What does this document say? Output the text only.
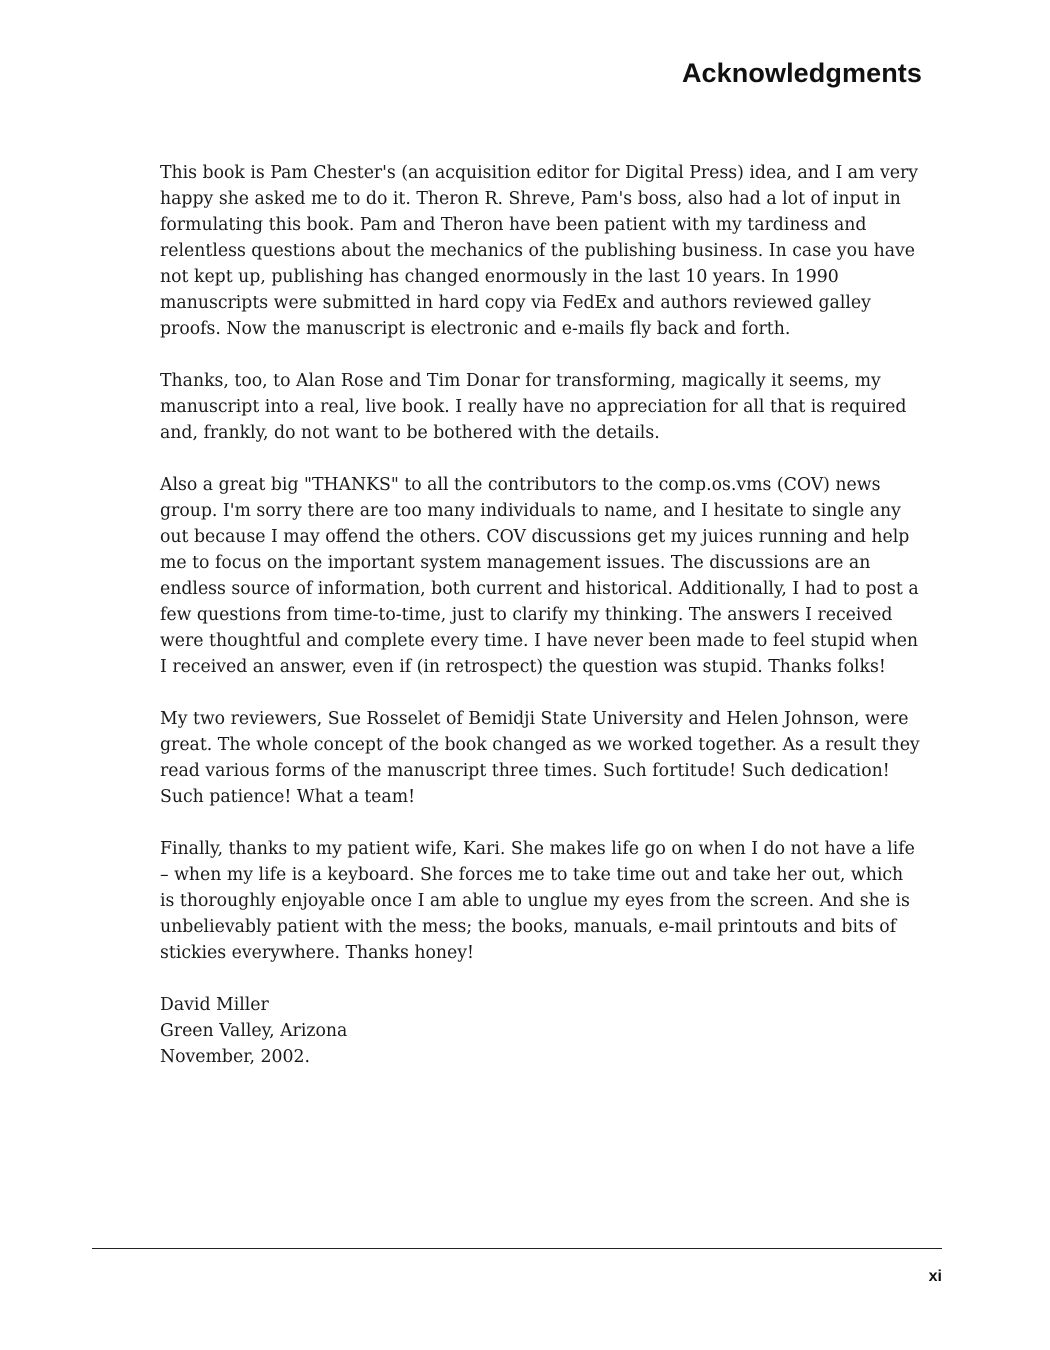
Acknowledgments

This book is Pam Chester's (an acquisition editor for Digital Press) idea, and I am very happy she asked me to do it. Theron R. Shreve, Pam's boss, also had a lot of input in formulating this book. Pam and Theron have been patient with my tardiness and relentless questions about the mechanics of the publishing business. In case you have not kept up, publishing has changed enormously in the last 10 years. In 1990 manuscripts were submitted in hard copy via FedEx and authors reviewed galley proofs. Now the manuscript is electronic and e-mails fly back and forth.

Thanks, too, to Alan Rose and Tim Donar for transforming, magically it seems, my manuscript into a real, live book. I really have no appreciation for all that is required and, frankly, do not want to be bothered with the details.

Also a great big "THANKS" to all the contributors to the comp.os.vms (COV) news group. I'm sorry there are too many individuals to name, and I hesitate to single any out because I may offend the others. COV discussions get my juices running and help me to focus on the important system management issues. The discussions are an endless source of information, both current and historical. Additionally, I had to post a few questions from time-to-time, just to clarify my thinking. The answers I received were thoughtful and complete every time. I have never been made to feel stupid when I received an answer, even if (in retrospect) the question was stupid. Thanks folks!

My two reviewers, Sue Rosselet of Bemidji State University and Helen Johnson, were great. The whole concept of the book changed as we worked together. As a result they read various forms of the manuscript three times. Such fortitude! Such dedication! Such patience! What a team!

Finally, thanks to my patient wife, Kari. She makes life go on when I do not have a life – when my life is a keyboard. She forces me to take time out and take her out, which is thoroughly enjoyable once I am able to unglue my eyes from the screen. And she is unbelievably patient with the mess; the books, manuals, e-mail printouts and bits of stickies everywhere. Thanks honey!

David Miller
Green Valley, Arizona
November, 2002.
xi
